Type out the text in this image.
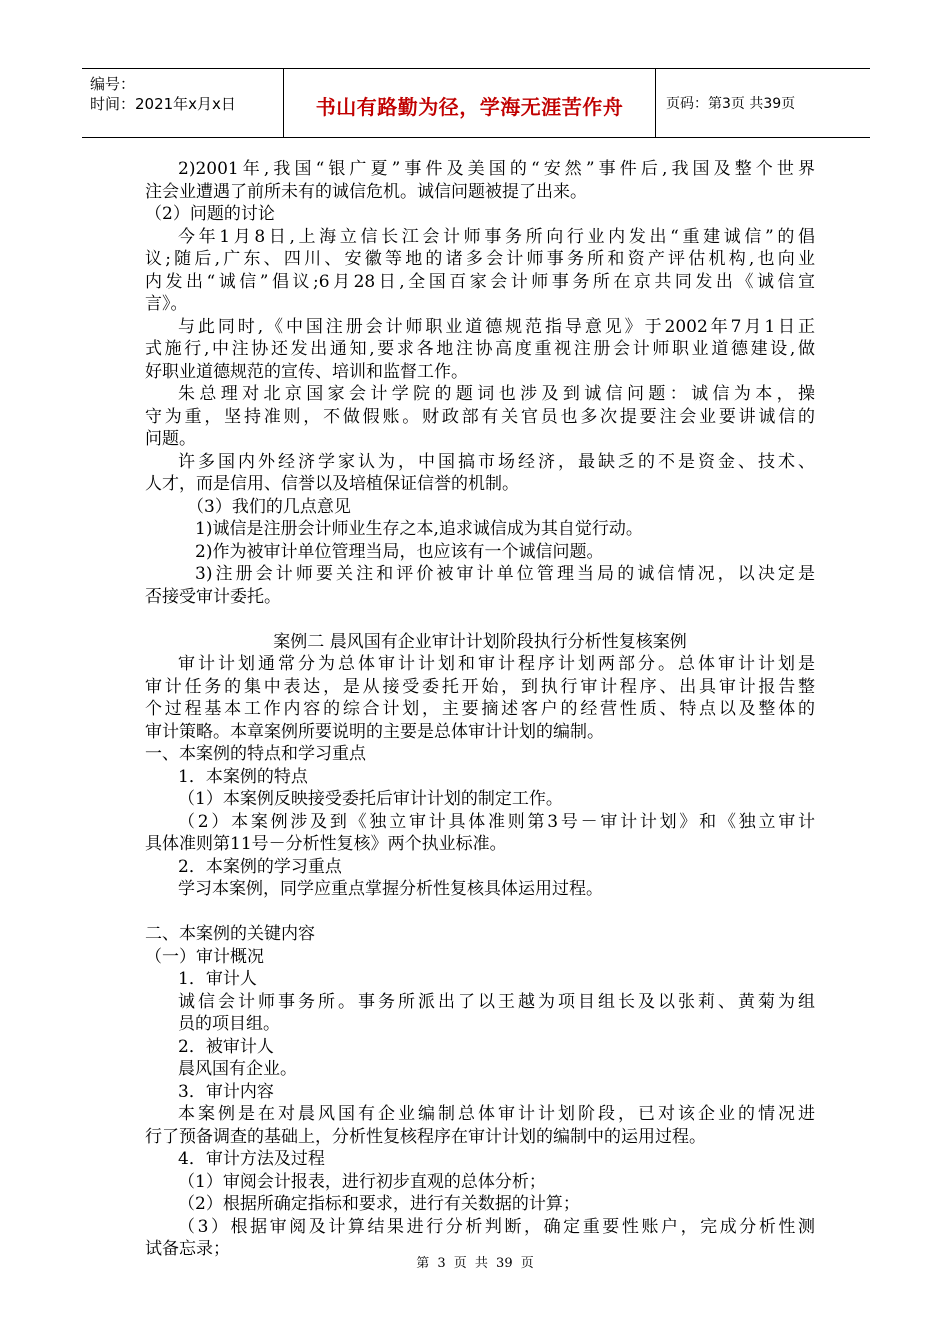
编号：
时间：2021年x月x日	书山有路勤为径，学海无涯苦作舟	页码：第3页 共39页
2)2001年,我国“银广夏”事件及美国的“安然”事件后,我国及整个世界
注会业遭遇了前所未有的诚信危机。诚信问题被提了出来。
（2）问题的讨论
今年1月8日,上海立信长江会计师事务所向行业内发出“重建诚信”的倡
议;随后,广东、四川、安徽等地的诸多会计师事务所和资产评估机构,也向业
内发出“诚信”倡议;6月28日,全国百家会计师事务所在京共同发出《诚信宣
言》。
与此同时,《中国注册会计师职业道德规范指导意见》于2002年7月1日正
式施行,中注协还发出通知,要求各地注协高度重视注册会计师职业道德建设,做
好职业道德规范的宣传、培训和监督工作。
朱总理对北京国家会计学院的题词也涉及到诚信问题：诚信为本，操
守为重，坚持准则，不做假账。财政部有关官员也多次提要注会业要讲诚信的
问题。
许多国内外经济学家认为，中国搞市场经济，最缺乏的不是资金、技术、
人才，而是信用、信誉以及培植保证信誉的机制。
（3）我们的几点意见
1)诚信是注册会计师业生存之本,追求诚信成为其自觉行动。
2)作为被审计单位管理当局，也应该有一个诚信问题。
3)注册会计师要关注和评价被审计单位管理当局的诚信情况，以决定是
否接受审计委托。
案例二 晨风国有企业审计计划阶段执行分析性复核案例
审计计划通常分为总体审计计划和审计程序计划两部分。总体审计计划是
审计任务的集中表达，是从接受委托开始，到执行审计程序、出具审计报告整
个过程基本工作内容的综合计划，主要摘述客户的经营性质、特点以及整体的
审计策略。本章案例所要说明的主要是总体审计计划的编制。
一、本案例的特点和学习重点
1．本案例的特点
（1）本案例反映接受委托后审计计划的制定工作。
（2）本案例涉及到《独立审计具体准则第3号－审计计划》和《独立审计
具体准则第11号－分析性复核》两个执业标准。
2．本案例的学习重点
学习本案例，同学应重点掌握分析性复核具体运用过程。
二、本案例的关键内容
（一）审计概况
1．审计人
诚信会计师事务所。事务所派出了以王越为项目组长及以张莉、黄菊为组
员的项目组。
2．被审计人
晨风国有企业。
3．审计内容
本案例是在对晨风国有企业编制总体审计计划阶段，已对该企业的情况进
行了预备调查的基础上，分析性复核程序在审计计划的编制中的运用过程。
4．审计方法及过程
（1）审阅会计报表，进行初步直观的总体分析；
（2）根据所确定指标和要求，进行有关数据的计算；
（3）根据审阅及计算结果进行分析判断，确定重要性账户，完成分析性测
试备忘录；
第 3 页 共 39 页
